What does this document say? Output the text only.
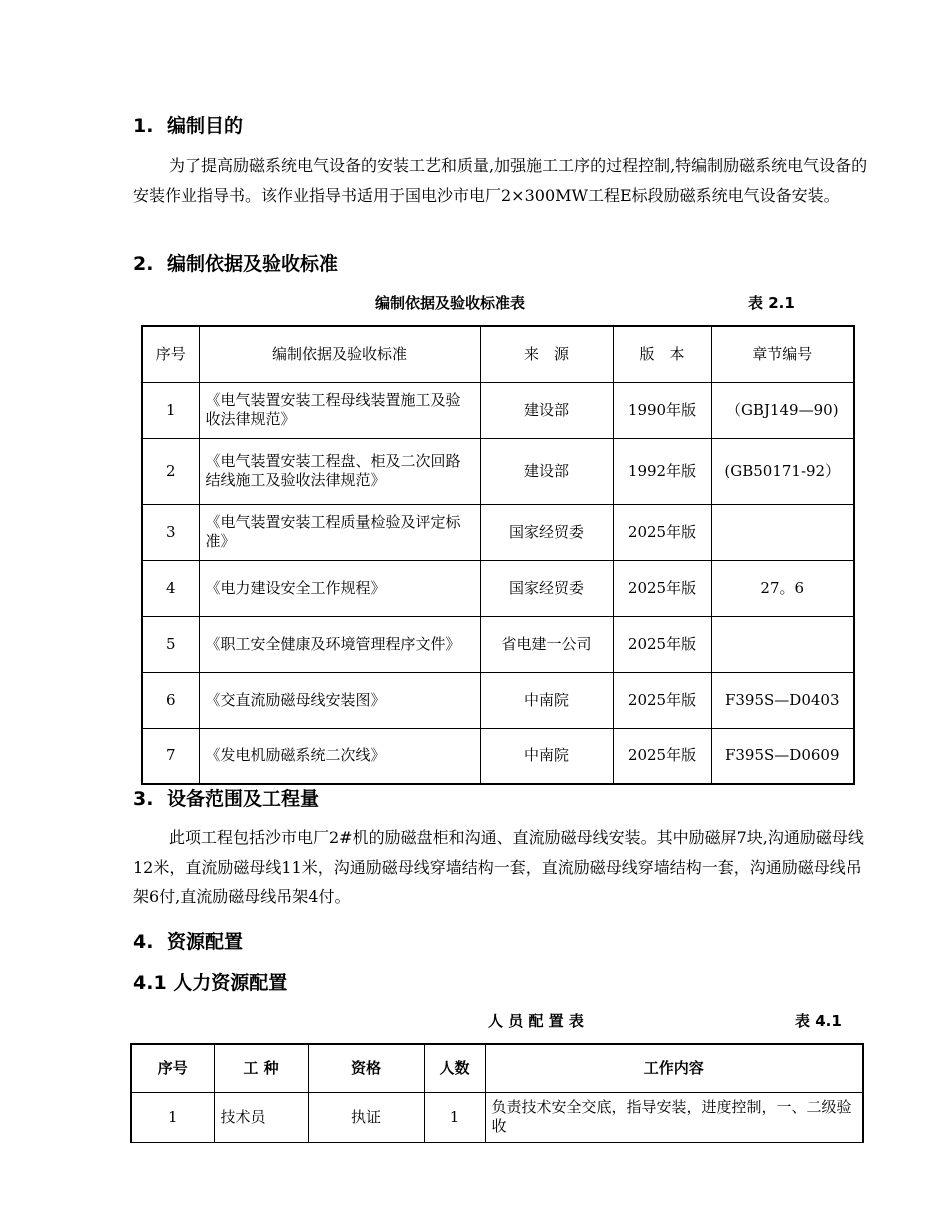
1. 编制目的

为了提高励磁系统电气设备的安装工艺和质量,加强施工工序的过程控制,特编制励磁系统电气设备的安装作业指导书。该作业指导书适用于国电沙市电厂2×300MW工程E标段励磁系统电气设备安装。

2. 编制依据及验收标准
编制依据及验收标准表	表 2.1
序号	编制依据及验收标准	来　源	版　本	章节编号
1	《电气装置安装工程母线装置施工及验收法律规范》	建设部	1990年版	（GBJ149—90)
2	《电气装置安装工程盘、柜及二次回路结线施工及验收法律规范》	建设部	1992年版	(GB50171-92）
3	《电气装置安装工程质量检验及评定标准》	国家经贸委	2025年版	
4	《电力建设安全工作规程》	国家经贸委	2025年版	27。6
5	《职工安全健康及环境管理程序文件》	省电建一公司	2025年版	
6	《交直流励磁母线安装图》	中南院	2025年版	F395S—D0403
7	《发电机励磁系统二次线》	中南院	2025年版	F395S—D0609
3. 设备范围及工程量

此项工程包括沙市电厂2#机的励磁盘柜和沟通、直流励磁母线安装。其中励磁屏7块,沟通励磁母线12米，直流励磁母线11米，沟通励磁母线穿墙结构一套，直流励磁母线穿墙结构一套，沟通励磁母线吊架6付,直流励磁母线吊架4付。

4. 资源配置
4.1 人力资源配置
人 员 配 置 表	表 4.1
序号	工 种	资格	人数	工作内容
1	技术员	执证	1	负责技术安全交底，指导安装，进度控制，一、二级验收
